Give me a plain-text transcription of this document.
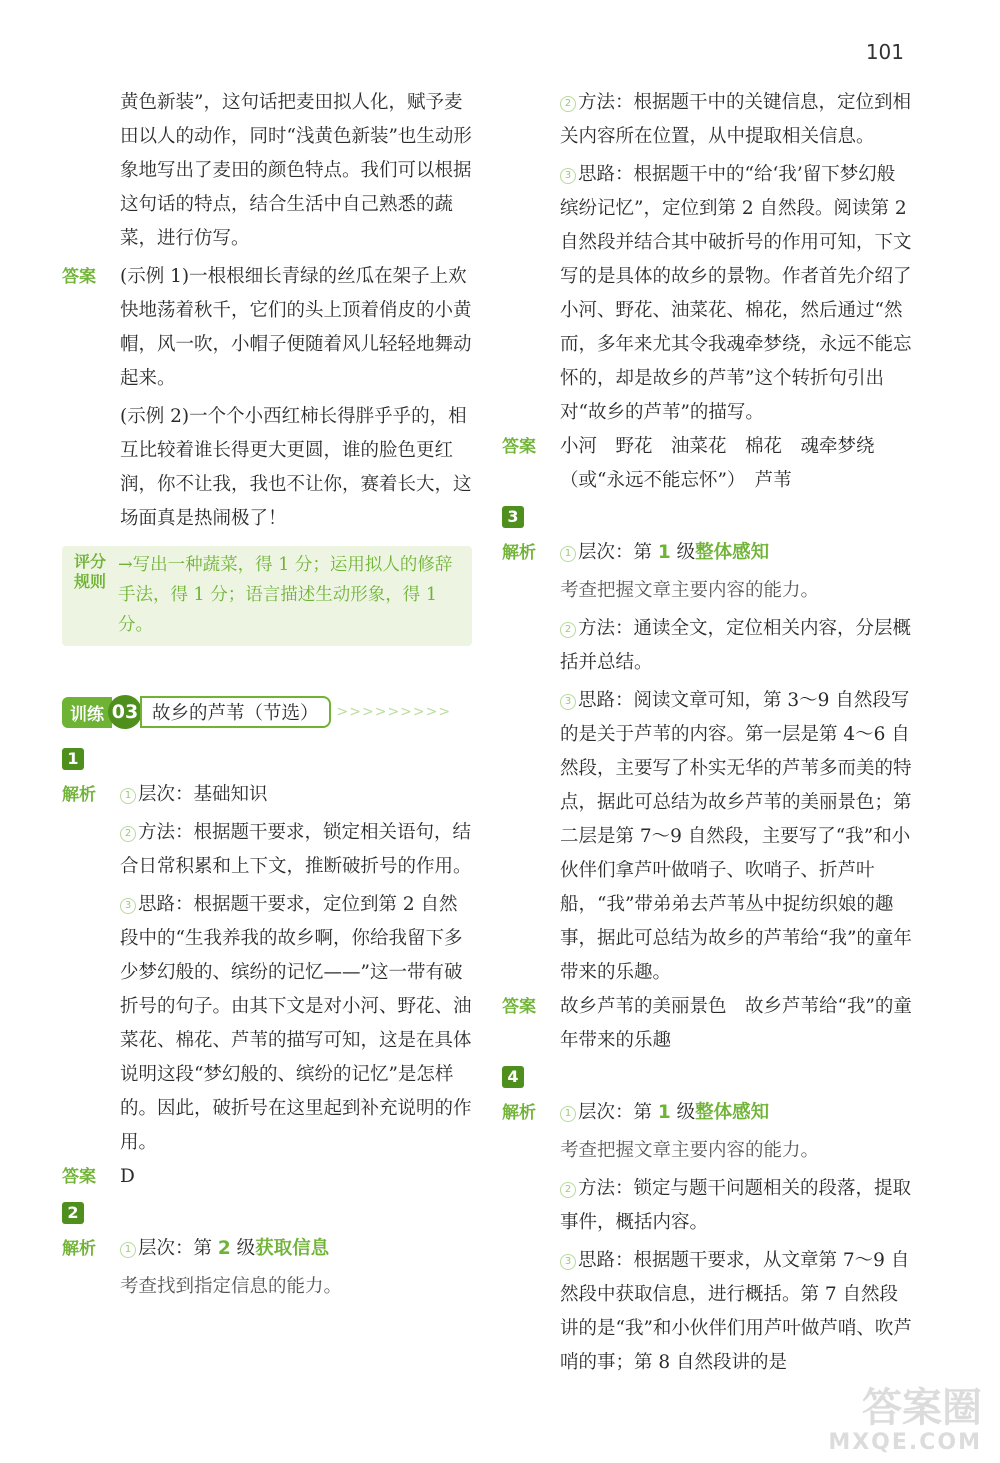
101

黄色新装”，这句话把麦田拟人化，赋予麦田以人的动作，同时“浅黄色新装”也生动形象地写出了麦田的颜色特点。我们可以根据这句话的特点，结合生活中自己熟悉的蔬菜，进行仿写。

答案	(示例 1)一根根细长青绿的丝瓜在架子上欢快地荡着秋千，它们的头上顶着俏皮的小黄帽，风一吹，小帽子便随着风儿轻轻地舞动起来。

(示例 2)一个个小西红柿长得胖乎乎的，相互比较着谁长得更大更圆，谁的脸色更红润，你不让我，我也不让你，赛着长大，这场面真是热闹极了！

评分
规则
→写出一种蔬菜，得 1 分；运用拟人的修辞手法，得 1 分；语言描述生动形象，得 1 分。
训练 03 故乡的芦苇（节选）	>>>>>>>>>
1
解析	1 层次：基础知识

2 方法：根据题干要求，锁定相关语句，结合日常积累和上下文，推断破折号的作用。

3 思路：根据题干要求，定位到第 2 自然段中的“生我养我的故乡啊，你给我留下多少梦幻般的、缤纷的记忆——”这一带有破折号的句子。由其下文是对小河、野花、油菜花、棉花、芦苇的描写可知，这是在具体说明这段“梦幻般的、缤纷的记忆”是怎样的。因此，破折号在这里起到补充说明的作用。

答案	D
2
解析	1 层次：第 2 级获取信息

考查找到指定信息的能力。

2 方法：根据题干中的关键信息，定位到相关内容所在位置，从中提取相关信息。

3 思路：根据题干中的“给‘我’留下梦幻般缤纷记忆”，定位到第 2 自然段。阅读第 2 自然段并结合其中破折号的作用可知，下文写的是具体的故乡的景物。作者首先介绍了小河、野花、油菜花、棉花，然后通过“然而，多年来尤其令我魂牵梦绕，永远不能忘怀的，却是故乡的芦苇”这个转折句引出对“故乡的芦苇”的描写。

答案	小河　野花　油菜花　棉花　魂牵梦绕（或“永远不能忘怀”）　芦苇
3
解析	1 层次：第 1 级整体感知

考查把握文章主要内容的能力。

2 方法：通读全文，定位相关内容，分层概括并总结。

3 思路：阅读文章可知，第 3～9 自然段写的是关于芦苇的内容。第一层是第 4～6 自然段，主要写了朴实无华的芦苇多而美的特点，据此可总结为故乡芦苇的美丽景色；第二层是第 7～9 自然段，主要写了“我”和小伙伴们拿芦叶做哨子、吹哨子、折芦叶船，“我”带弟弟去芦苇丛中捉纺织娘的趣事，据此可总结为故乡的芦苇给“我”的童年带来的乐趣。

答案	故乡芦苇的美丽景色　故乡芦苇给“我”的童年带来的乐趣
4
解析	1 层次：第 1 级整体感知

考查把握文章主要内容的能力。

2 方法：锁定与题干问题相关的段落，提取事件，概括内容。

3 思路：根据题干要求，从文章第 7～9 自然段中获取信息，进行概括。第 7 自然段讲的是“我”和小伙伴们用芦叶做芦哨、吹芦哨的事；第 8 自然段讲的是

答案圈
MXQE.COM
